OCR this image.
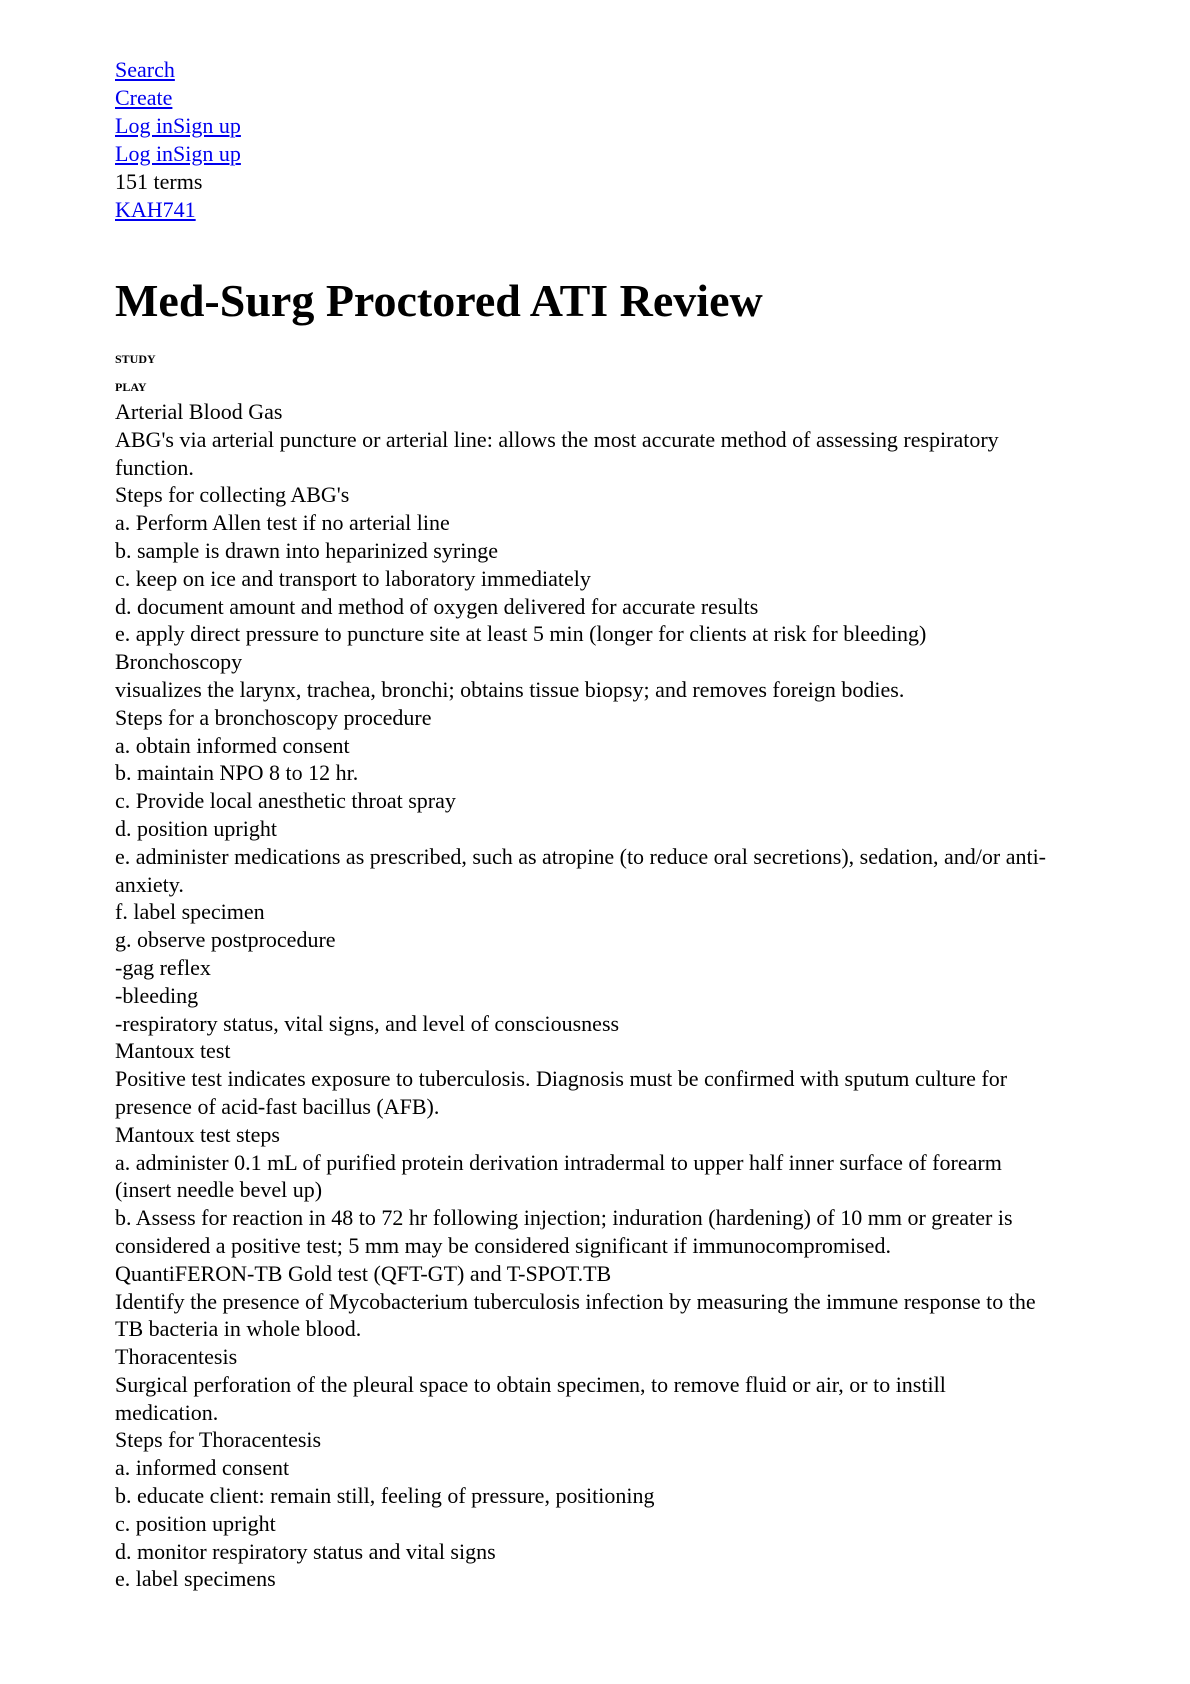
Search
Create
Log inSign up
Log inSign up
151 terms
KAH741
Med-Surg Proctored ATI Review
STUDY
PLAY
Arterial Blood Gas
ABG's via arterial puncture or arterial line: allows the most accurate method of assessing respiratory
function.
Steps for collecting ABG's
a. Perform Allen test if no arterial line
b. sample is drawn into heparinized syringe
c. keep on ice and transport to laboratory immediately
d. document amount and method of oxygen delivered for accurate results
e. apply direct pressure to puncture site at least 5 min (longer for clients at risk for bleeding)
Bronchoscopy
visualizes the larynx, trachea, bronchi; obtains tissue biopsy; and removes foreign bodies.
Steps for a bronchoscopy procedure
a. obtain informed consent
b. maintain NPO 8 to 12 hr.
c. Provide local anesthetic throat spray
d. position upright
e. administer medications as prescribed, such as atropine (to reduce oral secretions), sedation, and/or anti-
anxiety.
f. label specimen
g. observe postprocedure
-gag reflex
-bleeding
-respiratory status, vital signs, and level of consciousness
Mantoux test
Positive test indicates exposure to tuberculosis. Diagnosis must be confirmed with sputum culture for
presence of acid-fast bacillus (AFB).
Mantoux test steps
a. administer 0.1 mL of purified protein derivation intradermal to upper half inner surface of forearm
(insert needle bevel up)
b. Assess for reaction in 48 to 72 hr following injection; induration (hardening) of 10 mm or greater is
considered a positive test; 5 mm may be considered significant if immunocompromised.
QuantiFERON-TB Gold test (QFT-GT) and T-SPOT.TB
Identify the presence of Mycobacterium tuberculosis infection by measuring the immune response to the
TB bacteria in whole blood.
Thoracentesis
Surgical perforation of the pleural space to obtain specimen, to remove fluid or air, or to instill
medication.
Steps for Thoracentesis
a. informed consent
b. educate client: remain still, feeling of pressure, positioning
c. position upright
d. monitor respiratory status and vital signs
e. label specimens
